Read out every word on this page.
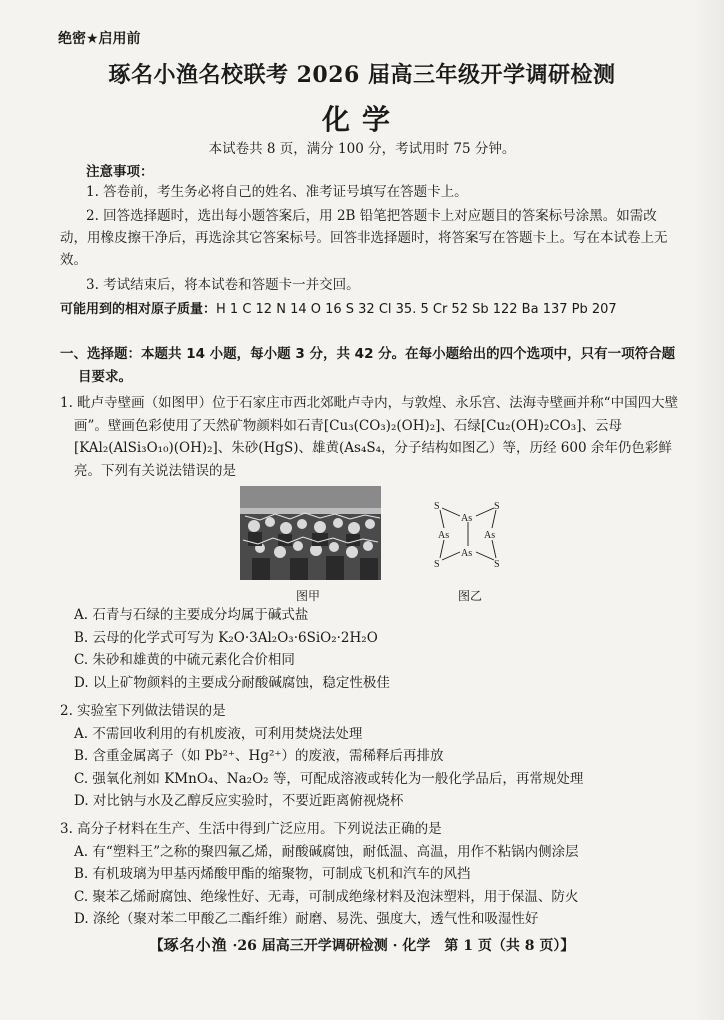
绝密★启用前
琢名小渔名校联考 2026 届高三年级开学调研检测
化学
本试卷共 8 页，满分 100 分，考试用时 75 分钟。
注意事项：
1. 答卷前，考生务必将自己的姓名、准考证号填写在答题卡上。
2. 回答选择题时，选出每小题答案后，用 2B 铅笔把答题卡上对应题目的答案标号涂黑。如需改动，用橡皮擦干净后，再选涂其它答案标号。回答非选择题时，将答案写在答题卡上。写在本试卷上无效。
3. 考试结束后，将本试卷和答题卡一并交回。
可能用到的相对原子质量：H 1 C 12 N 14 O 16 S 32 Cl 35. 5 Cr 52 Sb 122 Ba 137 Pb 207
一、选择题：本题共 14 小题，每小题 3 分，共 42 分。在每小题给出的四个选项中，只有一项符合题
目要求。
1. 毗卢寺壁画（如图甲）位于石家庄市西北郊毗卢寺内，与敦煌、永乐宫、法海寺壁画并称“中国四大壁画”。壁画色彩使用了天然矿物颜料如石青[Cu₃(CO₃)₂(OH)₂]、石绿[Cu₂(OH)₂CO₃]、云母[KAl₂(AlSi₃O₁₀)(OH)₂]、朱砂(HgS)、雄黄(As₄S₄，分子结构如图乙）等，历经 600 余年仍色彩鲜亮。下列有关说法错误的是
图甲
S	S
S	S
As
As
As	As
图乙
A. 石青与石绿的主要成分均属于碱式盐
B. 云母的化学式可写为 K₂O·3Al₂O₃·6SiO₂·2H₂O
C. 朱砂和雄黄的中硫元素化合价相同
D. 以上矿物颜料的主要成分耐酸碱腐蚀，稳定性极佳
2. 实验室下列做法错误的是
A. 不需回收利用的有机废液，可利用焚烧法处理
B. 含重金属离子（如 Pb²⁺、Hg²⁺）的废液，需稀释后再排放
C. 强氧化剂如 KMnO₄、Na₂O₂ 等，可配成溶液或转化为一般化学品后，再常规处理
D. 对比钠与水及乙醇反应实验时，不要近距离俯视烧杯
3. 高分子材料在生产、生活中得到广泛应用。下列说法正确的是
A. 有“塑料王”之称的聚四氟乙烯，耐酸碱腐蚀，耐低温、高温，用作不粘锅内侧涂层
B. 有机玻璃为甲基丙烯酸甲酯的缩聚物，可制成飞机和汽车的风挡
C. 聚苯乙烯耐腐蚀、绝缘性好、无毒，可制成绝缘材料及泡沫塑料，用于保温、防火
D. 涤纶（聚对苯二甲酸乙二酯纤维）耐磨、易洗、强度大，透气性和吸湿性好
【琢名小渔 ·26 届高三开学调研检测 · 化学　第 1 页（共 8 页）】
